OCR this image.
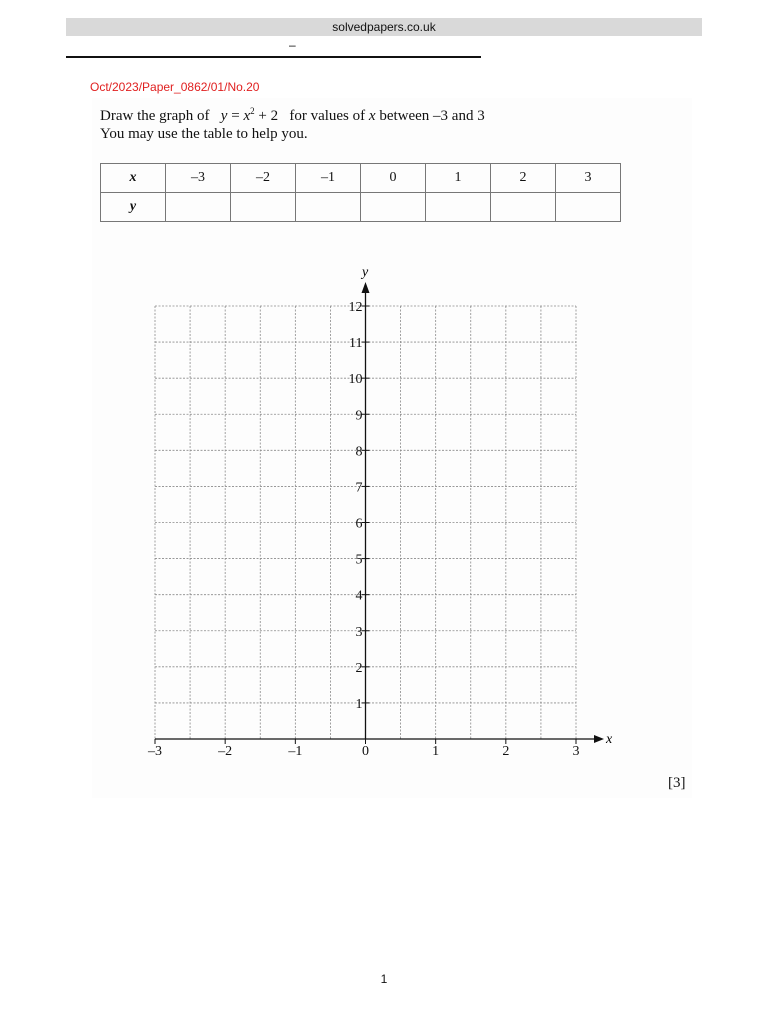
solvedpapers.co.uk
–
Oct/2023/Paper_0862/01/No.20
Draw the graph of $y = x^2 + 2$ for values of x between –3 and 3
You may use the table to help you.
x	–3	–2	–1	0	1	2	3
y							
x
y
–3	–2	–1	0	1	2	3
1
2
3
4
5
6
7
8
9
10
11
12
[3]
1
